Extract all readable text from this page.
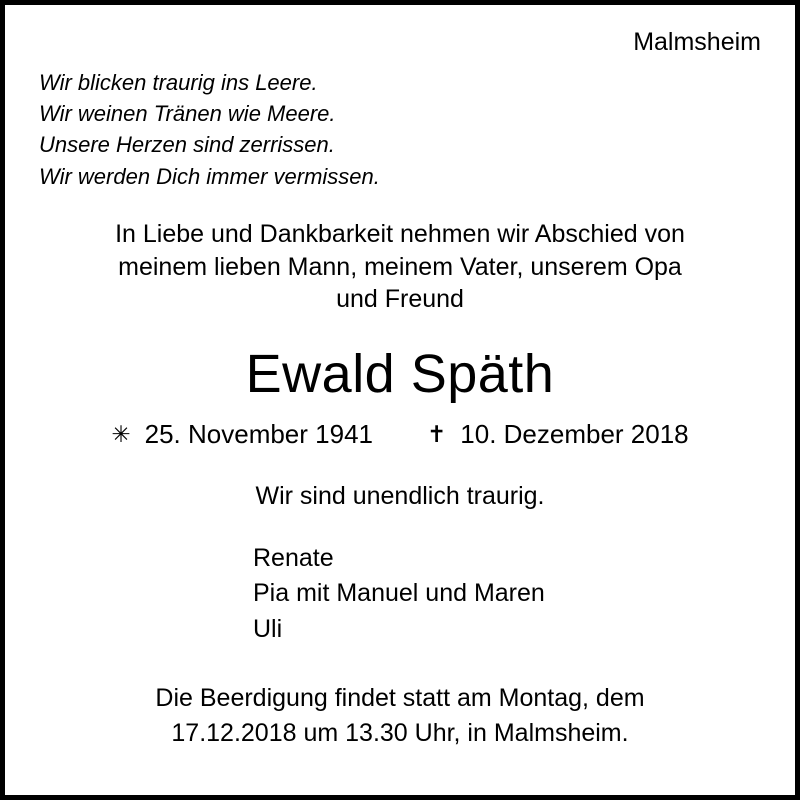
Malmsheim
Wir blicken traurig ins Leere.
Wir weinen Tränen wie Meere.
Unsere Herzen sind zerrissen.
Wir werden Dich immer vermissen.
In Liebe und Dankbarkeit nehmen wir Abschied von
meinem lieben Mann, meinem Vater, unserem Opa
und Freund
Ewald Späth
✳ 25. November 1941 ✝ 10. Dezember 2018
Wir sind unendlich traurig.
Renate
Pia mit Manuel und Maren
Uli
Die Beerdigung findet statt am Montag, dem
17.12.2018 um 13.30 Uhr, in Malmsheim.
